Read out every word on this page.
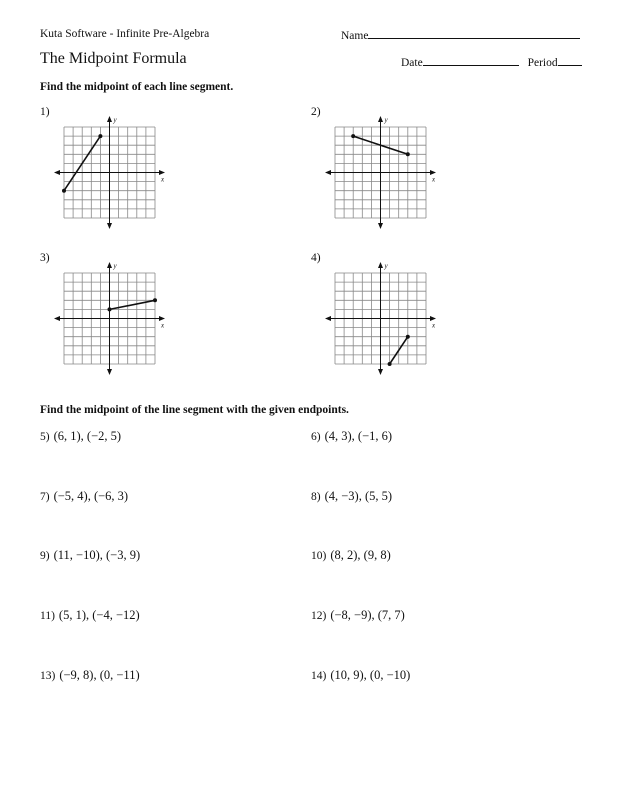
Kuta Software - Infinite Pre-Algebra	Name
The Midpoint Formula	Date	Period
Find the midpoint of each line segment.
1)	2)
3)	4)
x
y
x
y
x
y
x
y
Find the midpoint of the line segment with the given endpoints.
5) (6, 1), (−2, 5)	6) (4, 3), (−1, 6)
7) (−5, 4), (−6, 3)	8) (4, −3), (5, 5)
9) (11, −10), (−3, 9)	10) (8, 2), (9, 8)
11) (5, 1), (−4, −12)	12) (−8, −9), (7, 7)
13) (−9, 8), (0, −11)	14) (10, 9), (0, −10)
